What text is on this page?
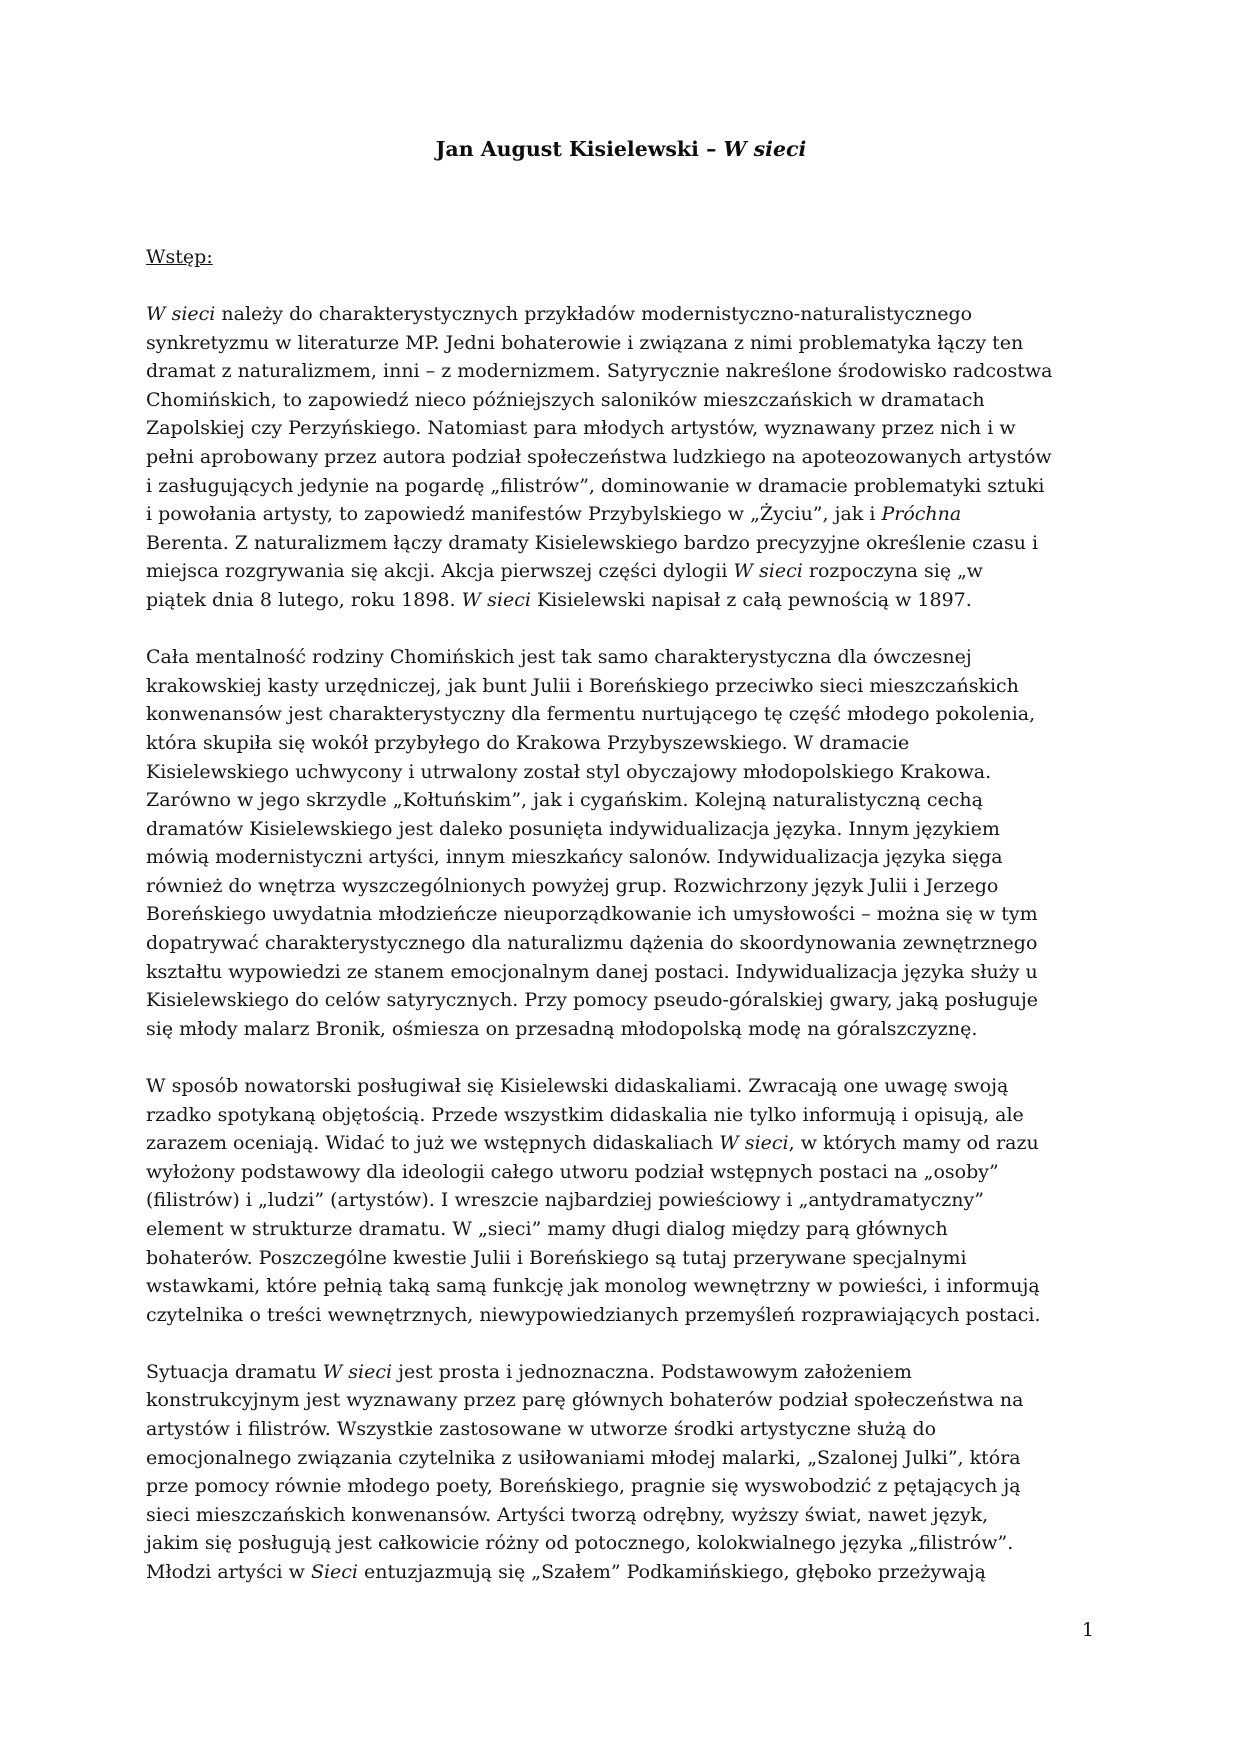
Jan August Kisielewski – W sieci
Wstęp:

W sieci należy do charakterystycznych przykładów modernistyczno-naturalistycznego
synkretyzmu w literaturze MP. Jedni bohaterowie i związana z nimi problematyka łączy ten
dramat z naturalizmem, inni – z modernizmem. Satyrycznie nakreślone środowisko radcostwa
Chomińskich, to zapowiedź nieco późniejszych saloników mieszczańskich w dramatach
Zapolskiej czy Perzyńskiego. Natomiast para młodych artystów, wyznawany przez nich i w
pełni aprobowany przez autora podział społeczeństwa ludzkiego na apoteozowanych artystów
i zasługujących jedynie na pogardę „filistrów”, dominowanie w dramacie problematyki sztuki
i powołania artysty, to zapowiedź manifestów Przybylskiego w „Życiu”, jak i Próchna
Berenta. Z naturalizmem łączy dramaty Kisielewskiego bardzo precyzyjne określenie czasu i
miejsca rozgrywania się akcji. Akcja pierwszej części dylogii W sieci rozpoczyna się „w
piątek dnia 8 lutego, roku 1898. W sieci Kisielewski napisał z całą pewnością w 1897.

Cała mentalność rodziny Chomińskich jest tak samo charakterystyczna dla ówczesnej
krakowskiej kasty urzędniczej, jak bunt Julii i Boreńskiego przeciwko sieci mieszczańskich
konwenansów jest charakterystyczny dla fermentu nurtującego tę część młodego pokolenia,
która skupiła się wokół przybyłego do Krakowa Przybyszewskiego. W dramacie
Kisielewskiego uchwycony i utrwalony został styl obyczajowy młodopolskiego Krakowa.
Zarówno w jego skrzydle „Kołtuńskim”, jak i cygańskim. Kolejną naturalistyczną cechą
dramatów Kisielewskiego jest daleko posunięta indywidualizacja języka. Innym językiem
mówią modernistyczni artyści, innym mieszkańcy salonów. Indywidualizacja języka sięga
również do wnętrza wyszczególnionych powyżej grup. Rozwichrzony język Julii i Jerzego
Boreńskiego uwydatnia młodzieńcze nieuporządkowanie ich umysłowości – można się w tym
dopatrywać charakterystycznego dla naturalizmu dążenia do skoordynowania zewnętrznego
kształtu wypowiedzi ze stanem emocjonalnym danej postaci. Indywidualizacja języka służy u
Kisielewskiego do celów satyrycznych. Przy pomocy pseudo-góralskiej gwary, jaką posługuje
się młody malarz Bronik, ośmiesza on przesadną młodopolską modę na góralszczyznę.

W sposób nowatorski posługiwał się Kisielewski didaskaliami. Zwracają one uwagę swoją
rzadko spotykaną objętością. Przede wszystkim didaskalia nie tylko informują i opisują, ale
zarazem oceniają. Widać to już we wstępnych didaskaliach W sieci, w których mamy od razu
wyłożony podstawowy dla ideologii całego utworu podział wstępnych postaci na „osoby”
(filistrów) i „ludzi” (artystów). I wreszcie najbardziej powieściowy i „antydramatyczny”
element w strukturze dramatu. W „sieci” mamy długi dialog między parą głównych
bohaterów. Poszczególne kwestie Julii i Boreńskiego są tutaj przerywane specjalnymi
wstawkami, które pełnią taką samą funkcję jak monolog wewnętrzny w powieści, i informują
czytelnika o treści wewnętrznych, niewypowiedzianych przemyśleń rozprawiających postaci.

Sytuacja dramatu W sieci jest prosta i jednoznaczna. Podstawowym założeniem
konstrukcyjnym jest wyznawany przez parę głównych bohaterów podział społeczeństwa na
artystów i filistrów. Wszystkie zastosowane w utworze środki artystyczne służą do
emocjonalnego związania czytelnika z usiłowaniami młodej malarki, „Szalonej Julki”, która
prze pomocy równie młodego poety, Boreńskiego, pragnie się wyswobodzić z pętających ją
sieci mieszczańskich konwenansów. Artyści tworzą odrębny, wyższy świat, nawet język,
jakim się posługują jest całkowicie różny od potocznego, kolokwialnego języka „filistrów”.
Młodzi artyści w Sieci entuzjazmują się „Szałem” Podkamińskiego, głęboko przeżywają

1
